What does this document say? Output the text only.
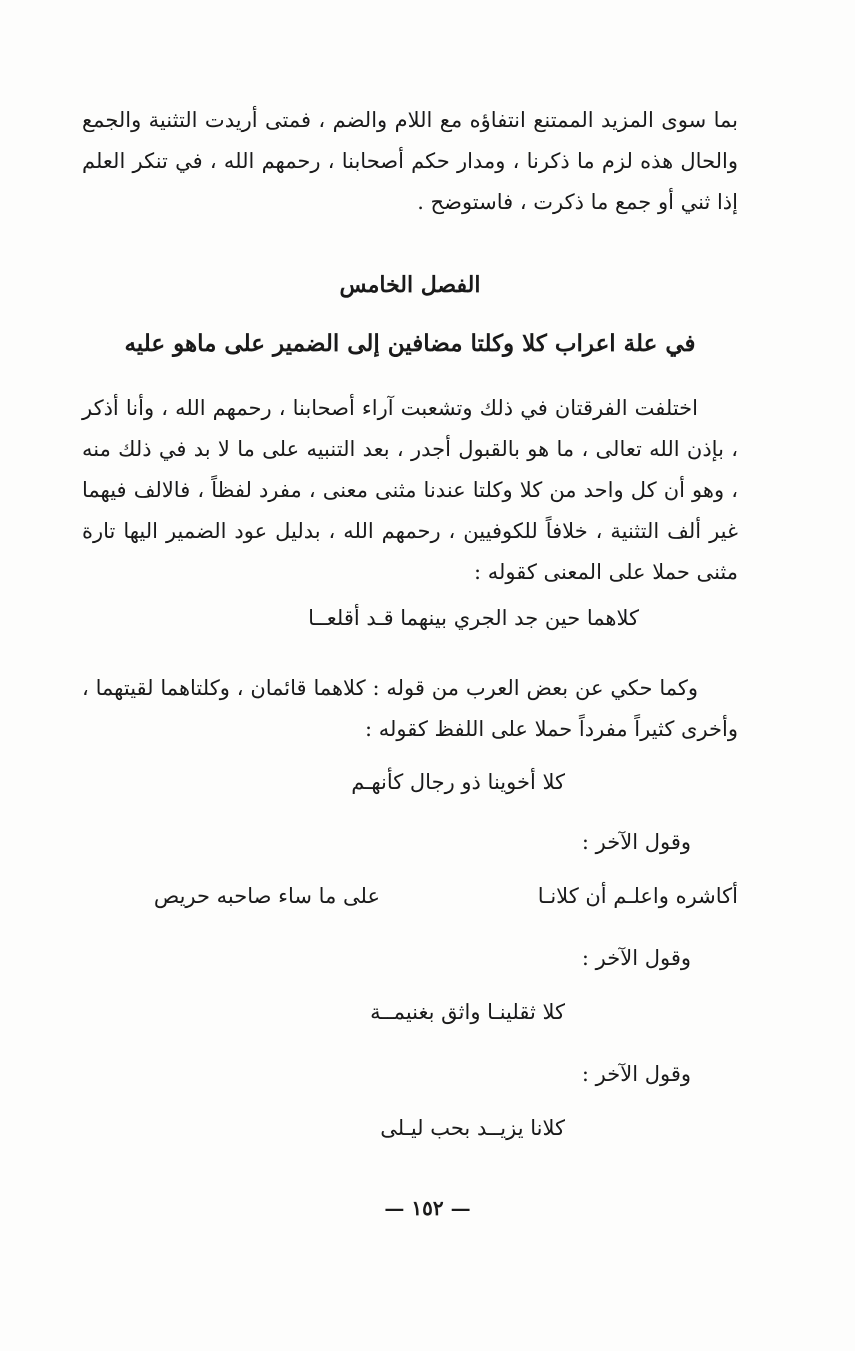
بما سوى المزيد الممتنع انتفاؤه مع اللام والضم ، فمتى أريدت التثنية والجمع والحال هذه لزم ما ذكرنا ، ومدار حكم أصحابنا ، رحمهم الله ، في تنكر العلم إذا ثني أو جمع ما ذكرت ، فاستوضح .
الفصل الخامس
في علة اعراب كلا وكلتا مضافين إلى الضمير على ماهو عليه
اختلفت الفرقتان في ذلك وتشعبت آراء أصحابنا ، رحمهم الله ، وأنا أذكر ، بإذن الله تعالى ، ما هو بالقبول أجدر ، بعد التنبيه على ما لا بد في ذلك منه ، وهو أن كل واحد من كلا وكلتا عندنا مثنى معنى ، مفرد لفظاً ، فالالف فيهما غير ألف التثنية ، خلافاً للكوفيين ، رحمهم الله ، بدليل عود الضمير اليها تارة مثنى حملا على المعنى كقوله :
كلاهما حين جد الجري بينهما قـد أقلعــا
وكما حكي عن بعض العرب من قوله : كلاهما قائمان ، وكلتاهما لقيتهما ، وأخرى كثيراً مفرداً حملا على اللفظ كقوله :
كلا أخوينا ذو رجال كأنهـم
وقول الآخر :
أكاشره واعلـم أن كلانـا
على ما ساء صاحبه حريص
وقول الآخر :
كلا ثقلينـا واثق بغنيمــة
وقول الآخر :
كلانا يزيــد بحب ليـلى
— ١٥٢ —
